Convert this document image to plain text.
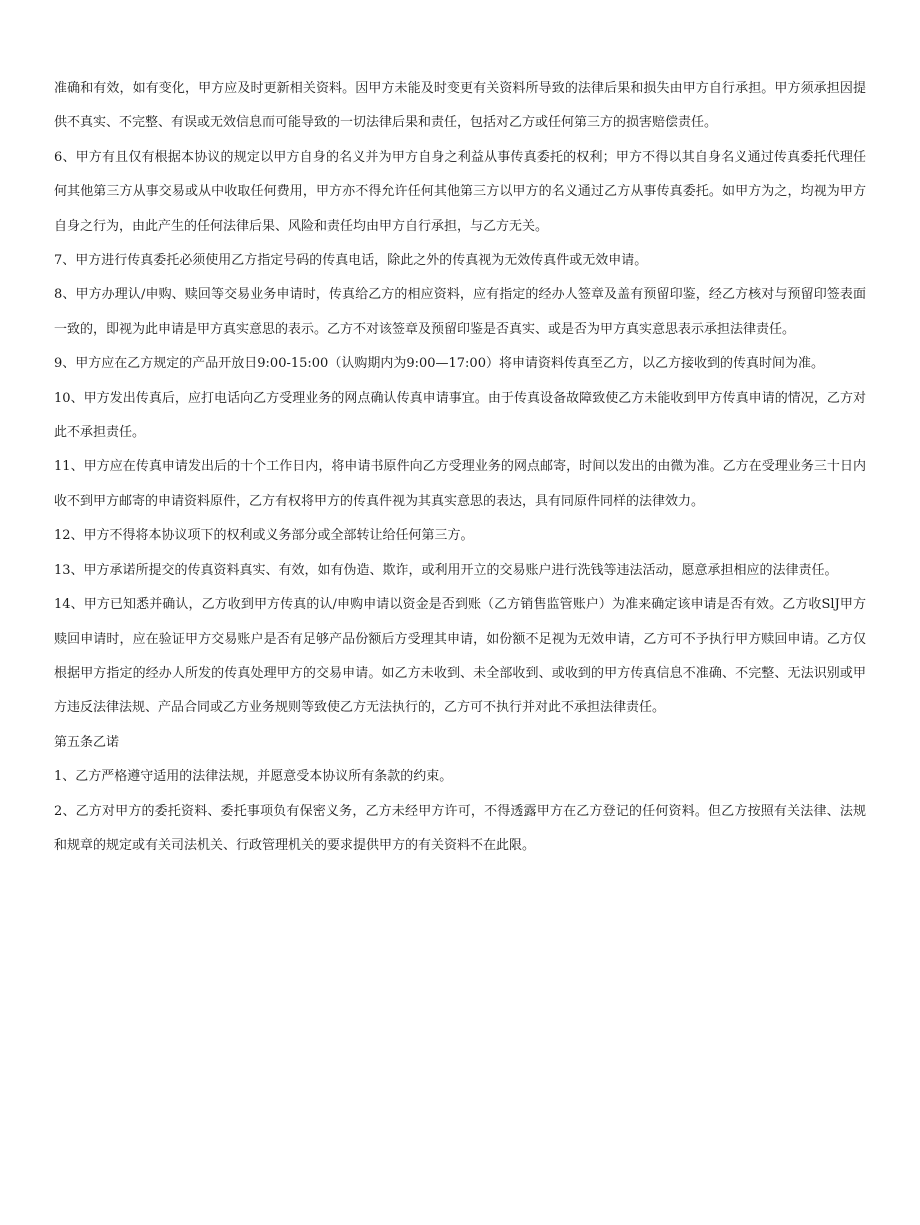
准确和有效，如有变化，甲方应及时更新相关资料。因甲方未能及时变更有关资料所导致的法律后果和损失由甲方自行承担。甲方须承担因提供不真实、不完整、有误或无效信息而可能导致的一切法律后果和责任，包括对乙方或任何第三方的损害赔偿责任。

6、甲方有且仅有根据本协议的规定以甲方自身的名义并为甲方自身之利益从事传真委托的权利；甲方不得以其自身名义通过传真委托代理任何其他第三方从事交易或从中收取任何费用，甲方亦不得允许任何其他第三方以甲方的名义通过乙方从事传真委托。如甲方为之，均视为甲方自身之行为，由此产生的任何法律后果、风险和责任均由甲方自行承担，与乙方无关。

7、甲方进行传真委托必须使用乙方指定号码的传真电话，除此之外的传真视为无效传真件或无效申请。

8、甲方办理认/申购、赎回等交易业务申请时，传真给乙方的相应资料，应有指定的经办人签章及盖有预留印鉴，经乙方核对与预留印签表面一致的，即视为此申请是甲方真实意思的表示。乙方不对该签章及预留印鉴是否真实、或是否为甲方真实意思表示承担法律责任。

9、甲方应在乙方规定的产品开放日9:00-15:00（认购期内为9:00—17:00）将申请资料传真至乙方，以乙方接收到的传真时间为准。

10、甲方发出传真后，应打电话向乙方受理业务的网点确认传真申请事宜。由于传真设备故障致使乙方未能收到甲方传真申请的情况，乙方对此不承担责任。

11、甲方应在传真申请发出后的十个工作日内，将申请书原件向乙方受理业务的网点邮寄，时间以发出的由微为准。乙方在受理业务三十日内收不到甲方邮寄的申请资料原件，乙方有权将甲方的传真件视为其真实意思的表达，具有同原件同样的法律效力。

12、甲方不得将本协议项下的权利或义务部分或全部转让给任何第三方。

13、甲方承诺所提交的传真资料真实、有效，如有伪造、欺诈，或利用开立的交易账户进行洗钱等违法活动，愿意承担相应的法律责任。

14、甲方已知悉并确认，乙方收到甲方传真的认/申购申请以资金是否到账（乙方销售监管账户）为准来确定该申请是否有效。乙方收SlJ甲方赎回申请时，应在验证甲方交易账户是否有足够产品份额后方受理其申请，如份额不足视为无效申请，乙方可不予执行甲方赎回申请。乙方仅根据甲方指定的经办人所发的传真处理甲方的交易申请。如乙方未收到、未全部收到、或收到的甲方传真信息不准确、不完整、无法识别或甲方违反法律法规、产品合同或乙方业务规则等致使乙方无法执行的，乙方可不执行并对此不承担法律责任。

第五条乙诺

1、乙方严格遵守适用的法律法规，并愿意受本协议所有条款的约束。

2、乙方对甲方的委托资料、委托事项负有保密义务，乙方未经甲方许可，不得透露甲方在乙方登记的任何资料。但乙方按照有关法律、法规和规章的规定或有关司法机关、行政管理机关的要求提供甲方的有关资料不在此限。
